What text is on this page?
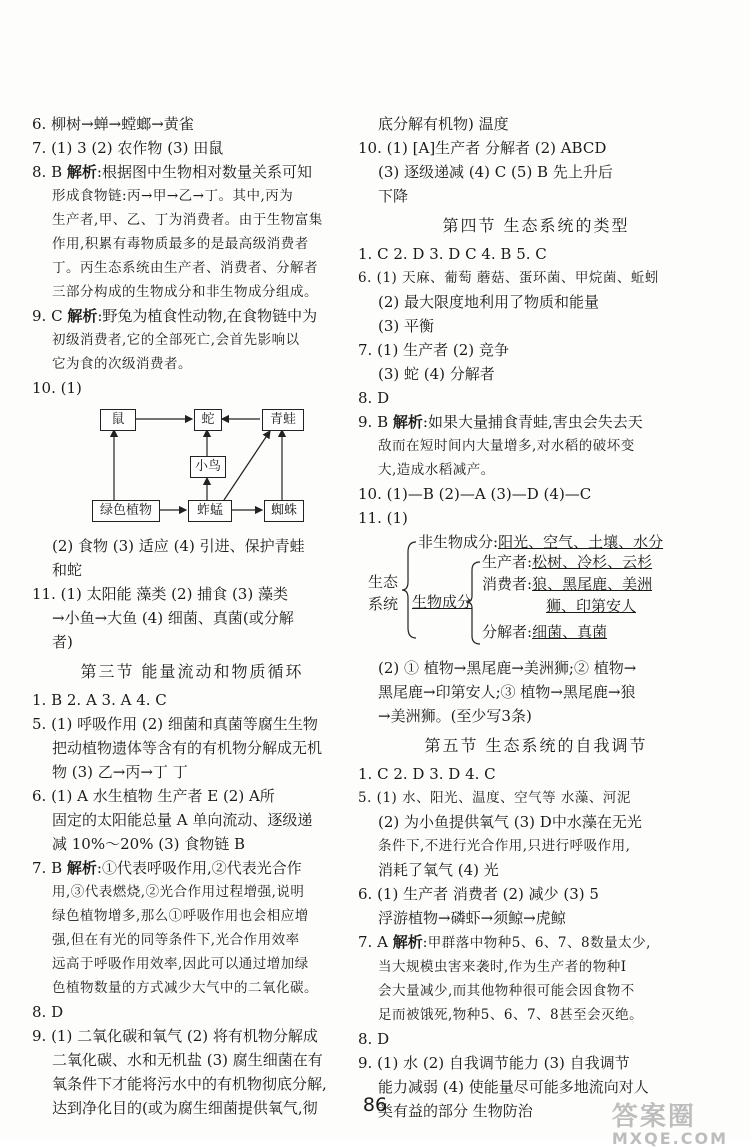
6. 柳树→蝉→螳螂→黄雀

7. (1) 3 (2) 农作物 (3) 田鼠

8. B 解析:根据图中生物相对数量关系可知

形成食物链:丙→甲→乙→丁。其中,丙为

生产者,甲、乙、丁为消费者。由于生物富集

作用,积累有毒物质最多的是最高级消费者

丁。丙生态系统由生产者、消费者、分解者

三部分构成的生物成分和非生物成分组成。

9. C 解析:野兔为植食性动物,在食物链中为

初级消费者,它的全部死亡,会首先影响以

它为食的次级消费者。

10. (1)

鼠	蛇	青蛙
小鸟
绿色植物	蚱蜢	蜘蛛

(2) 食物 (3) 适应 (4) 引进、保护青蛙

和蛇

11. (1) 太阳能 藻类 (2) 捕食 (3) 藻类

→小鱼→大鱼 (4) 细菌、真菌(或分解

者)

第三节 能量流动和物质循环

1. B 2. A 3. A 4. C

5. (1) 呼吸作用 (2) 细菌和真菌等腐生生物

把动植物遗体等含有的有机物分解成无机

物 (3) 乙→丙→丁 丁

6. (1) A 水生植物 生产者 E (2) A所

固定的太阳能总量 A 单向流动、逐级递

减 10%～20% (3) 食物链 B

7. B 解析:①代表呼吸作用,②代表光合作

用,③代表燃烧,②光合作用过程增强,说明

绿色植物增多,那么①呼吸作用也会相应增

强,但在有光的同等条件下,光合作用效率

远高于呼吸作用效率,因此可以通过增加绿

色植物数量的方式减少大气中的二氧化碳。

8. D

9. (1) 二氧化碳和氧气 (2) 将有机物分解成

二氧化碳、水和无机盐 (3) 腐生细菌在有

氧条件下才能将污水中的有机物彻底分解,

达到净化目的(或为腐生细菌提供氧气,彻

底分解有机物) 温度

10. (1) [A]生产者 分解者 (2) ABCD

(3) 逐级递减 (4) C (5) B 先上升后

下降

第四节 生态系统的类型

1. C 2. D 3. D C 4. B 5. C

6. (1) 天麻、葡萄 蘑菇、蛋环菌、甲烷菌、蚯蚓

(2) 最大限度地利用了物质和能量

(3) 平衡

7. (1) 生产者 (2) 竞争

(3) 蛇 (4) 分解者

8. D

9. B 解析:如果大量捕食青蛙,害虫会失去天

敌而在短时间内大量增多,对水稻的破坏变

大,造成水稻减产。

10. (1)—B (2)—A (3)—D (4)—C

11. (1)

生态
系统
非生物成分:阳光、空气、土壤、水分
生物成分
生产者:松树、冷杉、云杉
消费者:狼、黑尾鹿、美洲
狮、印第安人
分解者:细菌、真菌

(2) ① 植物→黑尾鹿→美洲狮;② 植物→

黑尾鹿→印第安人;③ 植物→黑尾鹿→狼

→美洲狮。(至少写3条)

第五节 生态系统的自我调节

1. C 2. D 3. D 4. C

5. (1) 水、阳光、温度、空气等 水藻、河泥

(2) 为小鱼提供氧气 (3) D中水藻在无光

条件下,不进行光合作用,只进行呼吸作用,

消耗了氧气 (4) 光

6. (1) 生产者 消费者 (2) 减少 (3) 5

浮游植物→磷虾→须鲸→虎鲸

7. A 解析:甲群落中物种5、6、7、8数量太少,

当大规模虫害来袭时,作为生产者的物种Ⅰ

会大量减少,而其他物种很可能会因食物不

足而被饿死,物种5、6、7、8甚至会灭绝。

8. D

9. (1) 水 (2) 自我调节能力 (3) 自我调节

能力减弱 (4) 使能量尽可能多地流向对人

类有益的部分 生物防治

86	答案圈
MXQE.COM
